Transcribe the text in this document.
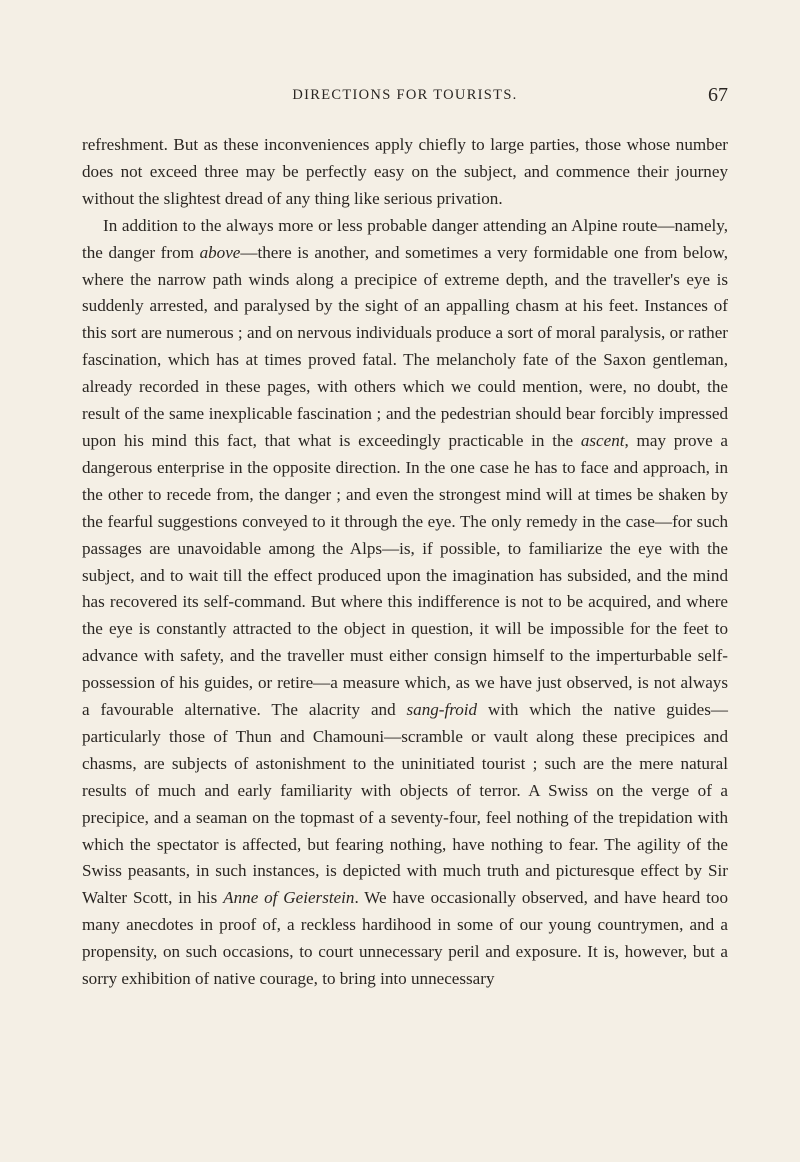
DIRECTIONS FOR TOURISTS.	67

refreshment. But as these inconveniences apply chiefly to large parties, those whose number does not exceed three may be perfectly easy on the subject, and commence their journey without the slightest dread of any thing like serious privation.

In addition to the always more or less probable danger attending an Alpine route—namely, the danger from above—there is another, and sometimes a very formidable one from below, where the narrow path winds along a precipice of extreme depth, and the traveller's eye is suddenly arrested, and paralysed by the sight of an appalling chasm at his feet. Instances of this sort are numerous ; and on nervous individuals produce a sort of moral paralysis, or rather fascination, which has at times proved fatal. The melancholy fate of the Saxon gentleman, already recorded in these pages, with others which we could mention, were, no doubt, the result of the same inexplicable fascination ; and the pedestrian should bear forcibly impressed upon his mind this fact, that what is exceedingly practicable in the ascent, may prove a dangerous enterprise in the opposite direction. In the one case he has to face and approach, in the other to recede from, the danger ; and even the strongest mind will at times be shaken by the fearful suggestions conveyed to it through the eye. The only remedy in the case—for such passages are unavoidable among the Alps—is, if possible, to familiarize the eye with the subject, and to wait till the effect produced upon the imagination has subsided, and the mind has recovered its self-command. But where this indifference is not to be acquired, and where the eye is constantly attracted to the object in question, it will be impossible for the feet to advance with safety, and the traveller must either consign himself to the imperturbable self-possession of his guides, or retire—a measure which, as we have just observed, is not always a favourable alternative. The alacrity and sang-froid with which the native guides—particularly those of Thun and Chamouni—scramble or vault along these precipices and chasms, are subjects of astonishment to the uninitiated tourist ; such are the mere natural results of much and early familiarity with objects of terror. A Swiss on the verge of a precipice, and a seaman on the topmast of a seventy-four, feel nothing of the trepidation with which the spectator is affected, but fearing nothing, have nothing to fear. The agility of the Swiss peasants, in such instances, is depicted with much truth and picturesque effect by Sir Walter Scott, in his Anne of Geierstein. We have occasionally observed, and have heard too many anecdotes in proof of, a reckless hardihood in some of our young countrymen, and a propensity, on such occasions, to court unnecessary peril and exposure. It is, however, but a sorry exhibition of native courage, to bring into unnecessary
